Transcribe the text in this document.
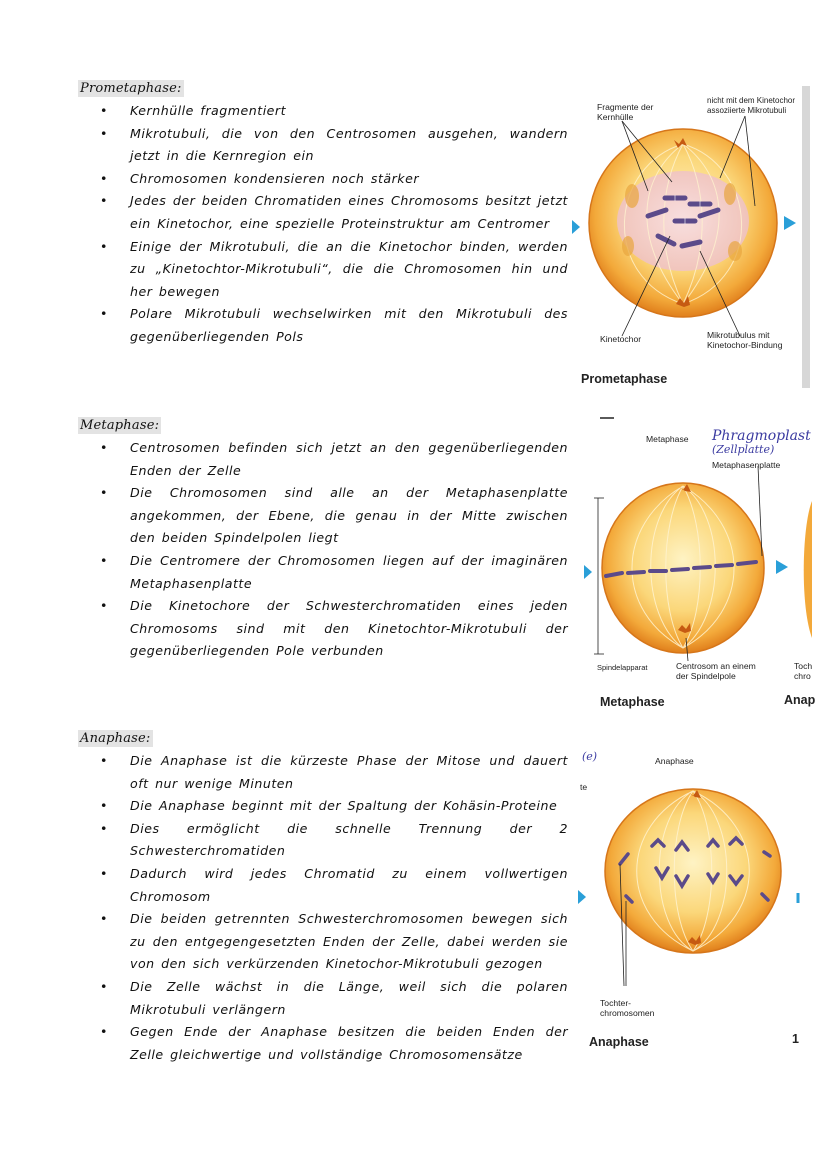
Prometaphase:
• Kernhülle fragmentiert
• Mikrotubuli, die von den Centrosomen ausgehen, wandern jetzt in die Kernregion ein
• Chromosomen kondensieren noch stärker
• Jedes der beiden Chromatiden eines Chromosoms besitzt jetzt ein Kinetochor, eine spezielle Proteinstruktur am Centromer
• Einige der Mikrotubuli, die an die Kinetochor binden, werden zu „Kinetochtor-Mikrotubuli“, die die Chromosomen hin und her bewegen
• Polare Mikrotubuli wechselwirken mit den Mikrotubuli des gegenüberliegenden Pols
Metaphase:
• Centrosomen befinden sich jetzt an den gegenüberliegenden Enden der Zelle
• Die Chromosomen sind alle an der Metaphasenplatte angekommen, der Ebene, die genau in der Mitte zwischen den beiden Spindelpolen liegt
• Die Centromere der Chromosomen liegen auf der imaginären Metaphasenplatte
• Die Kinetochore der Schwesterchromatiden eines jeden Chromosoms sind mit den Kinetochtor-Mikrotubuli der gegenüberliegenden Pole verbunden
Anaphase:
• Die Anaphase ist die kürzeste Phase der Mitose und dauert oft nur wenige Minuten
• Die Anaphase beginnt mit der Spaltung der Kohäsin-Proteine
• Dies ermöglicht die schnelle Trennung der 2 Schwesterchromatiden
• Dadurch wird jedes Chromatid zu einem vollwertigen Chromosom
• Die beiden getrennten Schwesterchromosomen bewegen sich zu den entgegengesetzten Enden der Zelle, dabei werden sie von den sich verkürzenden Kinetochor-Mikrotubuli gezogen
• Die Zelle wächst in die Länge, weil sich die polaren Mikrotubuli verlängern
• Gegen Ende der Anaphase besitzen die beiden Enden der Zelle gleichwertige und vollständige Chromosomensätze
Fragmente der Kernhülle
nicht mit dem Kinetochor assoziierte Mikrotubuli
Kinetochor	Mikrotubulus mit Kinetochor-Bindung
Prometaphase
Metaphase Phragmoplast
(Zellplatte)
Metaphasenplatte
Spindelapparat	Centrosom an einem der Spindelpole
Toch chro
Metaphase	Anap
Anaphase
(e)
te
Tochter-chromosomen
Anaphase	1
